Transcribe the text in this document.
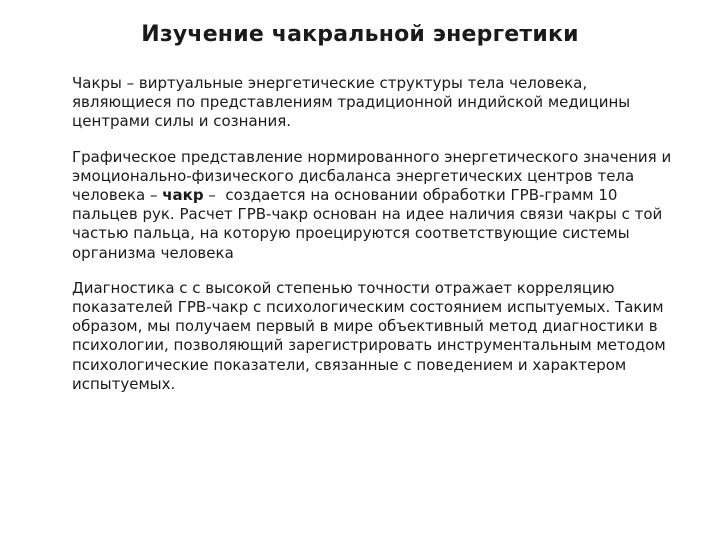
Изучение чакральной энергетики

Чакры – виртуальные энергетические структуры тела человека, являющиеся по представлениям традиционной индийской медицины центрами силы и сознания.

Графическое представление нормированного энергетического значения и эмоционально-физического дисбаланса энергетических центров тела человека – чакр –  создается на основании обработки ГРВ-грамм 10 пальцев рук. Расчет ГРВ-чакр основан на идее наличия связи чакры с той частью пальца, на которую проецируются соответствующие системы организма человека

Диагностика с с высокой степенью точности отражает корреляцию показателей ГРВ-чакр с психологическим состоянием испытуемых. Таким образом, мы получаем первый в мире объективный метод диагностики в психологии, позволяющий зарегистрировать инструментальным методом психологические показатели, связанные с поведением и характером испытуемых.
